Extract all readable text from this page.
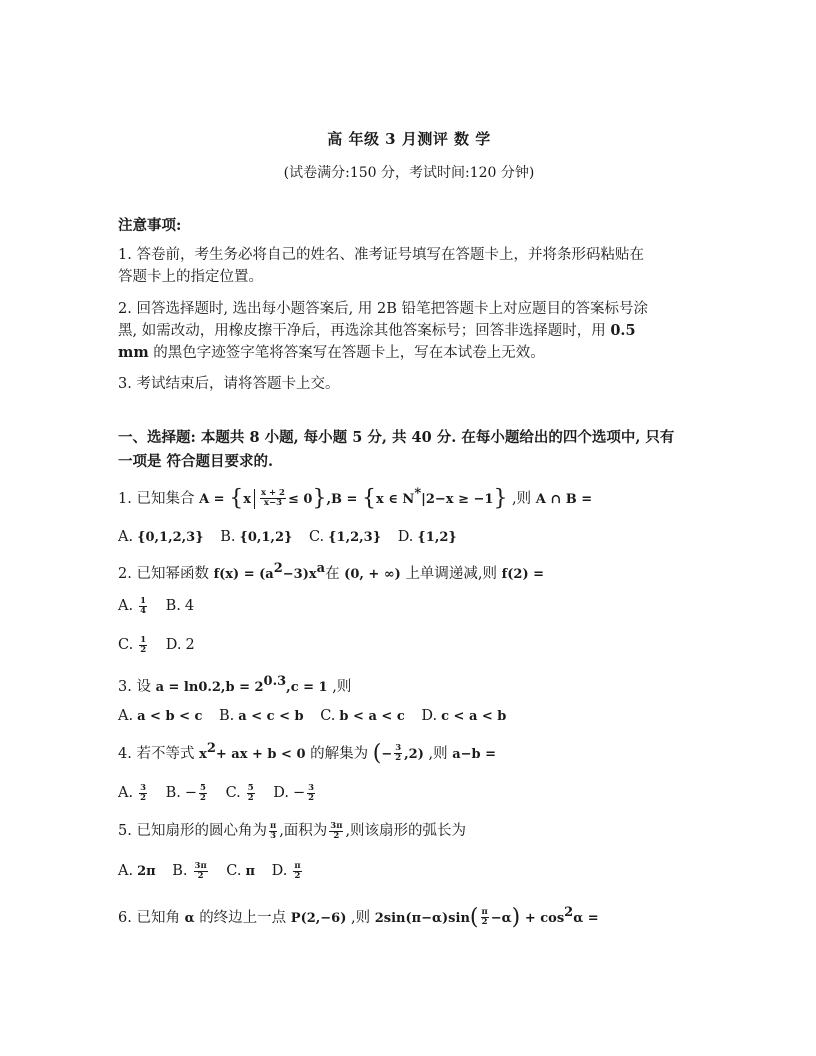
高 年级 3 月测评 数 学
(试卷满分:150 分，考试时间:120 分钟)
注意事项:
1. 答卷前，考生务必将自己的姓名、准考证号填写在答题卡上，并将条形码粘贴在
答题卡上的指定位置。
2. 回答选择题时, 选出每小题答案后, 用 2B 铅笔把答题卡上对应题目的答案标号涂
黑, 如需改动，用橡皮擦干净后，再选涂其他答案标号；回答非选择题时，用 0.5
mm 的黑色字迹签字笔将答案写在答题卡上，写在本试卷上无效。
3. 考试结束后，请将答题卡上交。
一、选择题: 本题共 8 小题, 每小题 5 分, 共 40 分. 在每小题给出的四个选项中, 只有
一项是 符合题目要求的.
1. 已知集合 $A = \{x \frac{x + 2}{x-3} \le 0\},B = \{x$ ∈ N*|2−x ≥ −1} ,则 A ∩ B =
A. {0,1,2,3} B. {0,1,2} C. {1,2,3} D. {1,2}
2. 已知幂函数 $f(x) = (a^2-3)x^a$在 (0, + ∞) 上单调递减,则 f(2) =
A. $\frac{1}{4} B$. 4
C. $\frac{1}{2} D$. 2
3. 设 $a = \ln 0.2,b = 2^{0.3},c = 1$ ,则
A. a < b < c B. a < c < b C. b < a < c D. c < a < b
4. 若不等式 $x^2+$ ax + b < 0 的解集为 (− $\frac{3}{2} ,2$) ,则 a−b =
A. $\frac{3}{2} B$. − $\frac{5}{2} C$. $\frac{5}{2} D$. − $\frac{3}{2}$
5. 已知扇形的圆心角为 $\frac{\pi}{3}$ ,面积为 $\frac{3\pi}{2}$ ,则该扇形的弧长为
A. 2π B. $\frac{3\pi}{2} C$. π D. $\frac{\pi}{2}$
6. 已知角 α 的终边上一点 P(2,−6) ,则 $2\sin(\pi-\alpha)\sin( \frac{\pi}{2} -\alpha) + \cos^2\alpha$ =
